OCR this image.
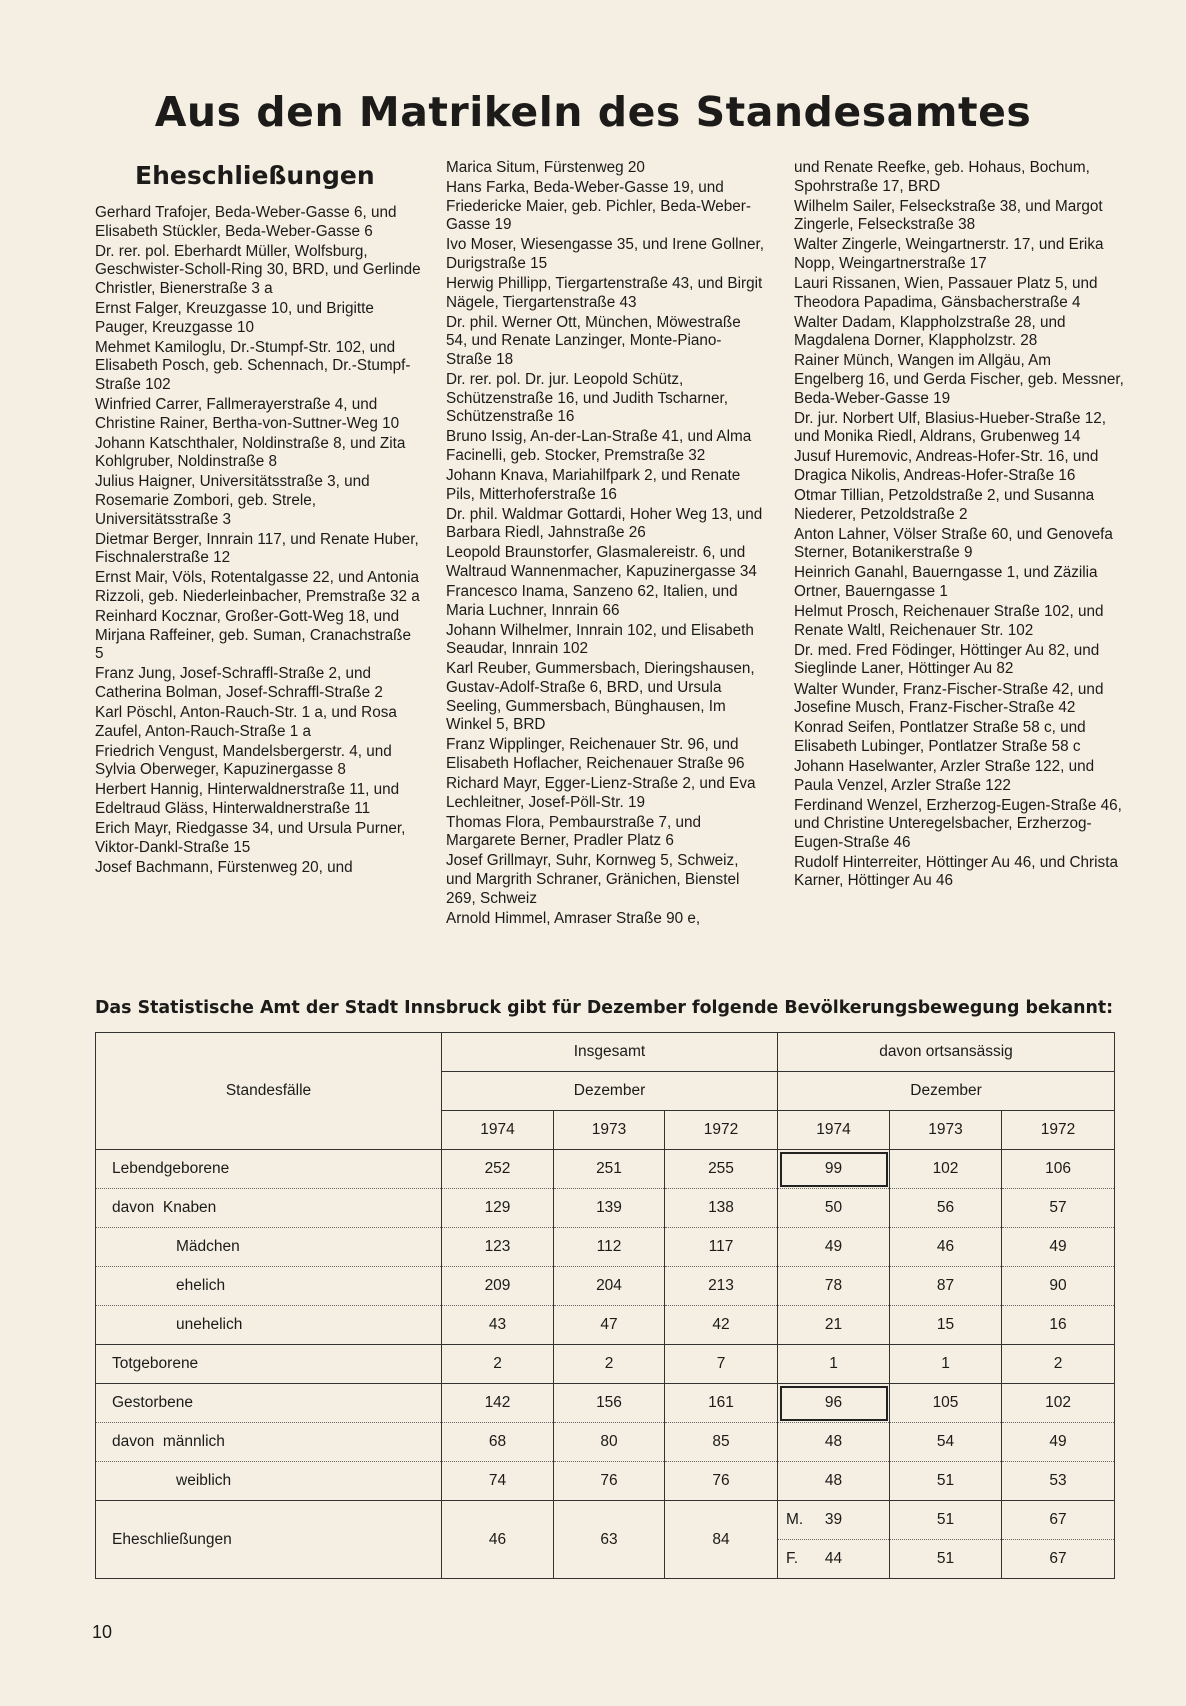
Aus den Matrikeln des Standesamtes
Eheschließungen

Gerhard Trafojer, Beda-Weber-Gasse 6, und Elisabeth Stückler, Beda-Weber-Gasse 6

Dr. rer. pol. Eberhardt Müller, Wolfsburg, Geschwister-Scholl-Ring 30, BRD, und Gerlinde Christler, Bienerstraße 3 a

Ernst Falger, Kreuzgasse 10, und Brigitte Pauger, Kreuzgasse 10

Mehmet Kamiloglu, Dr.-Stumpf-Str. 102, und Elisabeth Posch, geb. Schennach, Dr.-Stumpf-Straße 102

Winfried Carrer, Fallmerayerstraße 4, und Christine Rainer, Bertha-von-Suttner-Weg 10

Johann Katschthaler, Noldinstraße 8, und Zita Kohlgruber, Noldinstraße 8

Julius Haigner, Universitätsstraße 3, und Rosemarie Zombori, geb. Strele, Universitätsstraße 3

Dietmar Berger, Innrain 117, und Renate Huber, Fischnalerstraße 12

Ernst Mair, Völs, Rotentalgasse 22, und Antonia Rizzoli, geb. Niederleinbacher, Premstraße 32 a

Reinhard Kocznar, Großer-Gott-Weg 18, und Mirjana Raffeiner, geb. Suman, Cranachstraße 5

Franz Jung, Josef-Schraffl-Straße 2, und Catherina Bolman, Josef-Schraffl-Straße 2

Karl Pöschl, Anton-Rauch-Str. 1 a, und Rosa Zaufel, Anton-Rauch-Straße 1 a

Friedrich Vengust, Mandelsbergerstr. 4, und Sylvia Oberweger, Kapuzinergasse 8

Herbert Hannig, Hinterwaldnerstraße 11, und Edeltraud Gläss, Hinterwaldnerstraße 11

Erich Mayr, Riedgasse 34, und Ursula Purner, Viktor-Dankl-Straße 15

Josef Bachmann, Fürstenweg 20, und

Marica Situm, Fürstenweg 20

Hans Farka, Beda-Weber-Gasse 19, und Friedericke Maier, geb. Pichler, Beda-Weber-Gasse 19

Ivo Moser, Wiesengasse 35, und Irene Gollner, Durigstraße 15

Herwig Phillipp, Tiergartenstraße 43, und Birgit Nägele, Tiergartenstraße 43

Dr. phil. Werner Ott, München, Möwestraße 54, und Renate Lanzinger, Monte-Piano-Straße 18

Dr. rer. pol. Dr. jur. Leopold Schütz, Schützenstraße 16, und Judith Tscharner, Schützenstraße 16

Bruno Issig, An-der-Lan-Straße 41, und Alma Facinelli, geb. Stocker, Premstraße 32

Johann Knava, Mariahilfpark 2, und Renate Pils, Mitterhoferstraße 16

Dr. phil. Waldmar Gottardi, Hoher Weg 13, und Barbara Riedl, Jahnstraße 26

Leopold Braunstorfer, Glasmalereistr. 6, und Waltraud Wannenmacher, Kapuzinergasse 34

Francesco Inama, Sanzeno 62, Italien, und Maria Luchner, Innrain 66

Johann Wilhelmer, Innrain 102, und Elisabeth Seaudar, Innrain 102

Karl Reuber, Gummersbach, Dieringshausen, Gustav-Adolf-Straße 6, BRD, und Ursula Seeling, Gummersbach, Bünghausen, Im Winkel 5, BRD

Franz Wipplinger, Reichenauer Str. 96, und Elisabeth Hoflacher, Reichenauer Straße 96

Richard Mayr, Egger-Lienz-Straße 2, und Eva Lechleitner, Josef-Pöll-Str. 19

Thomas Flora, Pembaurstraße 7, und Margarete Berner, Pradler Platz 6

Josef Grillmayr, Suhr, Kornweg 5, Schweiz, und Margrith Schraner, Gränichen, Bienstel 269, Schweiz

Arnold Himmel, Amraser Straße 90 e,

und Renate Reefke, geb. Hohaus, Bochum, Spohrstraße 17, BRD

Wilhelm Sailer, Felseckstraße 38, und Margot Zingerle, Felseckstraße 38

Walter Zingerle, Weingartnerstr. 17, und Erika Nopp, Weingartnerstraße 17

Lauri Rissanen, Wien, Passauer Platz 5, und Theodora Papadima, Gänsbacherstraße 4

Walter Dadam, Klappholzstraße 28, und Magdalena Dorner, Klappholzstr. 28

Rainer Münch, Wangen im Allgäu, Am Engelberg 16, und Gerda Fischer, geb. Messner, Beda-Weber-Gasse 19

Dr. jur. Norbert Ulf, Blasius-Hueber-Straße 12, und Monika Riedl, Aldrans, Grubenweg 14

Jusuf Huremovic, Andreas-Hofer-Str. 16, und Dragica Nikolis, Andreas-Hofer-Straße 16

Otmar Tillian, Petzoldstraße 2, und Susanna Niederer, Petzoldstraße 2

Anton Lahner, Völser Straße 60, und Genovefa Sterner, Botanikerstraße 9

Heinrich Ganahl, Bauerngasse 1, und Zäzilia Ortner, Bauerngasse 1

Helmut Prosch, Reichenauer Straße 102, und Renate Waltl, Reichenauer Str. 102

Dr. med. Fred Födinger, Höttinger Au 82, und Sieglinde Laner, Höttinger Au 82

Walter Wunder, Franz-Fischer-Straße 42, und Josefine Musch, Franz-Fischer-Straße 42

Konrad Seifen, Pontlatzer Straße 58 c, und Elisabeth Lubinger, Pontlatzer Straße 58 c

Johann Haselwanter, Arzler Straße 122, und Paula Venzel, Arzler Straße 122

Ferdinand Wenzel, Erzherzog-Eugen-Straße 46, und Christine Unteregelsbacher, Erzherzog-Eugen-Straße 46

Rudolf Hinterreiter, Höttinger Au 46, und Christa Karner, Höttinger Au 46

Das Statistische Amt der Stadt Innsbruck gibt für Dezember folgende Bevölkerungsbewegung bekannt:
Standesfälle	Insgesamt			davon ortsansässig		
	Dezember			Dezember		
	1974	1973	1972	1974	1973	1972
Lebendgeborene	252	251	255	99	102	106
davon Knaben	129	139	138	50	56	57
Mädchen	123	112	117	49	46	49
ehelich	209	204	213	78	87	90
unehelich	43	47	42	21	15	16
Totgeborene	2	2	7	1	1	2
Gestorbene	142	156	161	96	105	102
davon männlich	68	80	85	48	54	49
weiblich	74	76	76	48	51	53
Eheschließungen	46	63	84	M. 39	51	67

				F. 44	51	67

10
